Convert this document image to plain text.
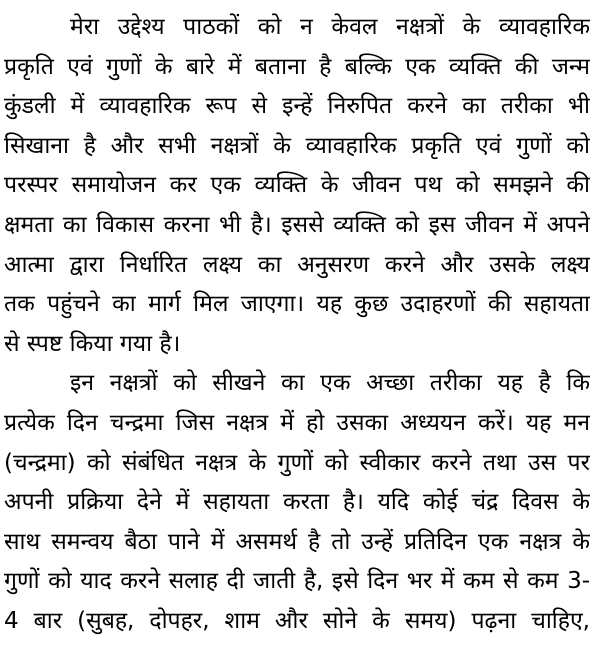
मेरा उद्देश्य पाठकों को न केवल नक्षत्रों के व्यावहारिक
प्रकृति एवं गुणों के बारे में बताना है बल्कि एक व्यक्ति की जन्म
कुंडली में व्यावहारिक रूप से इन्हें निरुपित करने का तरीका भी
सिखाना है और सभी नक्षत्रों के व्यावहारिक प्रकृति एवं गुणों को
परस्पर समायोजन कर एक व्यक्ति के जीवन पथ को समझने की
क्षमता का विकास करना भी है। इससे व्यक्ति को इस जीवन में अपने
आत्मा द्वारा निर्धारित लक्ष्य का अनुसरण करने और उसके लक्ष्य
तक पहुंचने का मार्ग मिल जाएगा। यह कुछ उदाहरणों की सहायता
से स्पष्ट किया गया है।
इन नक्षत्रों को सीखने का एक अच्छा तरीका यह है कि
प्रत्येक दिन चन्द्रमा जिस नक्षत्र में हो उसका अध्ययन करें। यह मन
(चन्द्रमा) को संबंधित नक्षत्र के गुणों को स्वीकार करने तथा उस पर
अपनी प्रक्रिया देने में सहायता करता है। यदि कोई चंद्र दिवस के
साथ समन्वय बैठा पाने में असमर्थ है तो उन्हें प्रतिदिन एक नक्षत्र के
गुणों को याद करने सलाह दी जाती है, इसे दिन भर में कम से कम 3-
4 बार (सुबह, दोपहर, शाम और सोने के समय) पढ़ना चाहिए,
